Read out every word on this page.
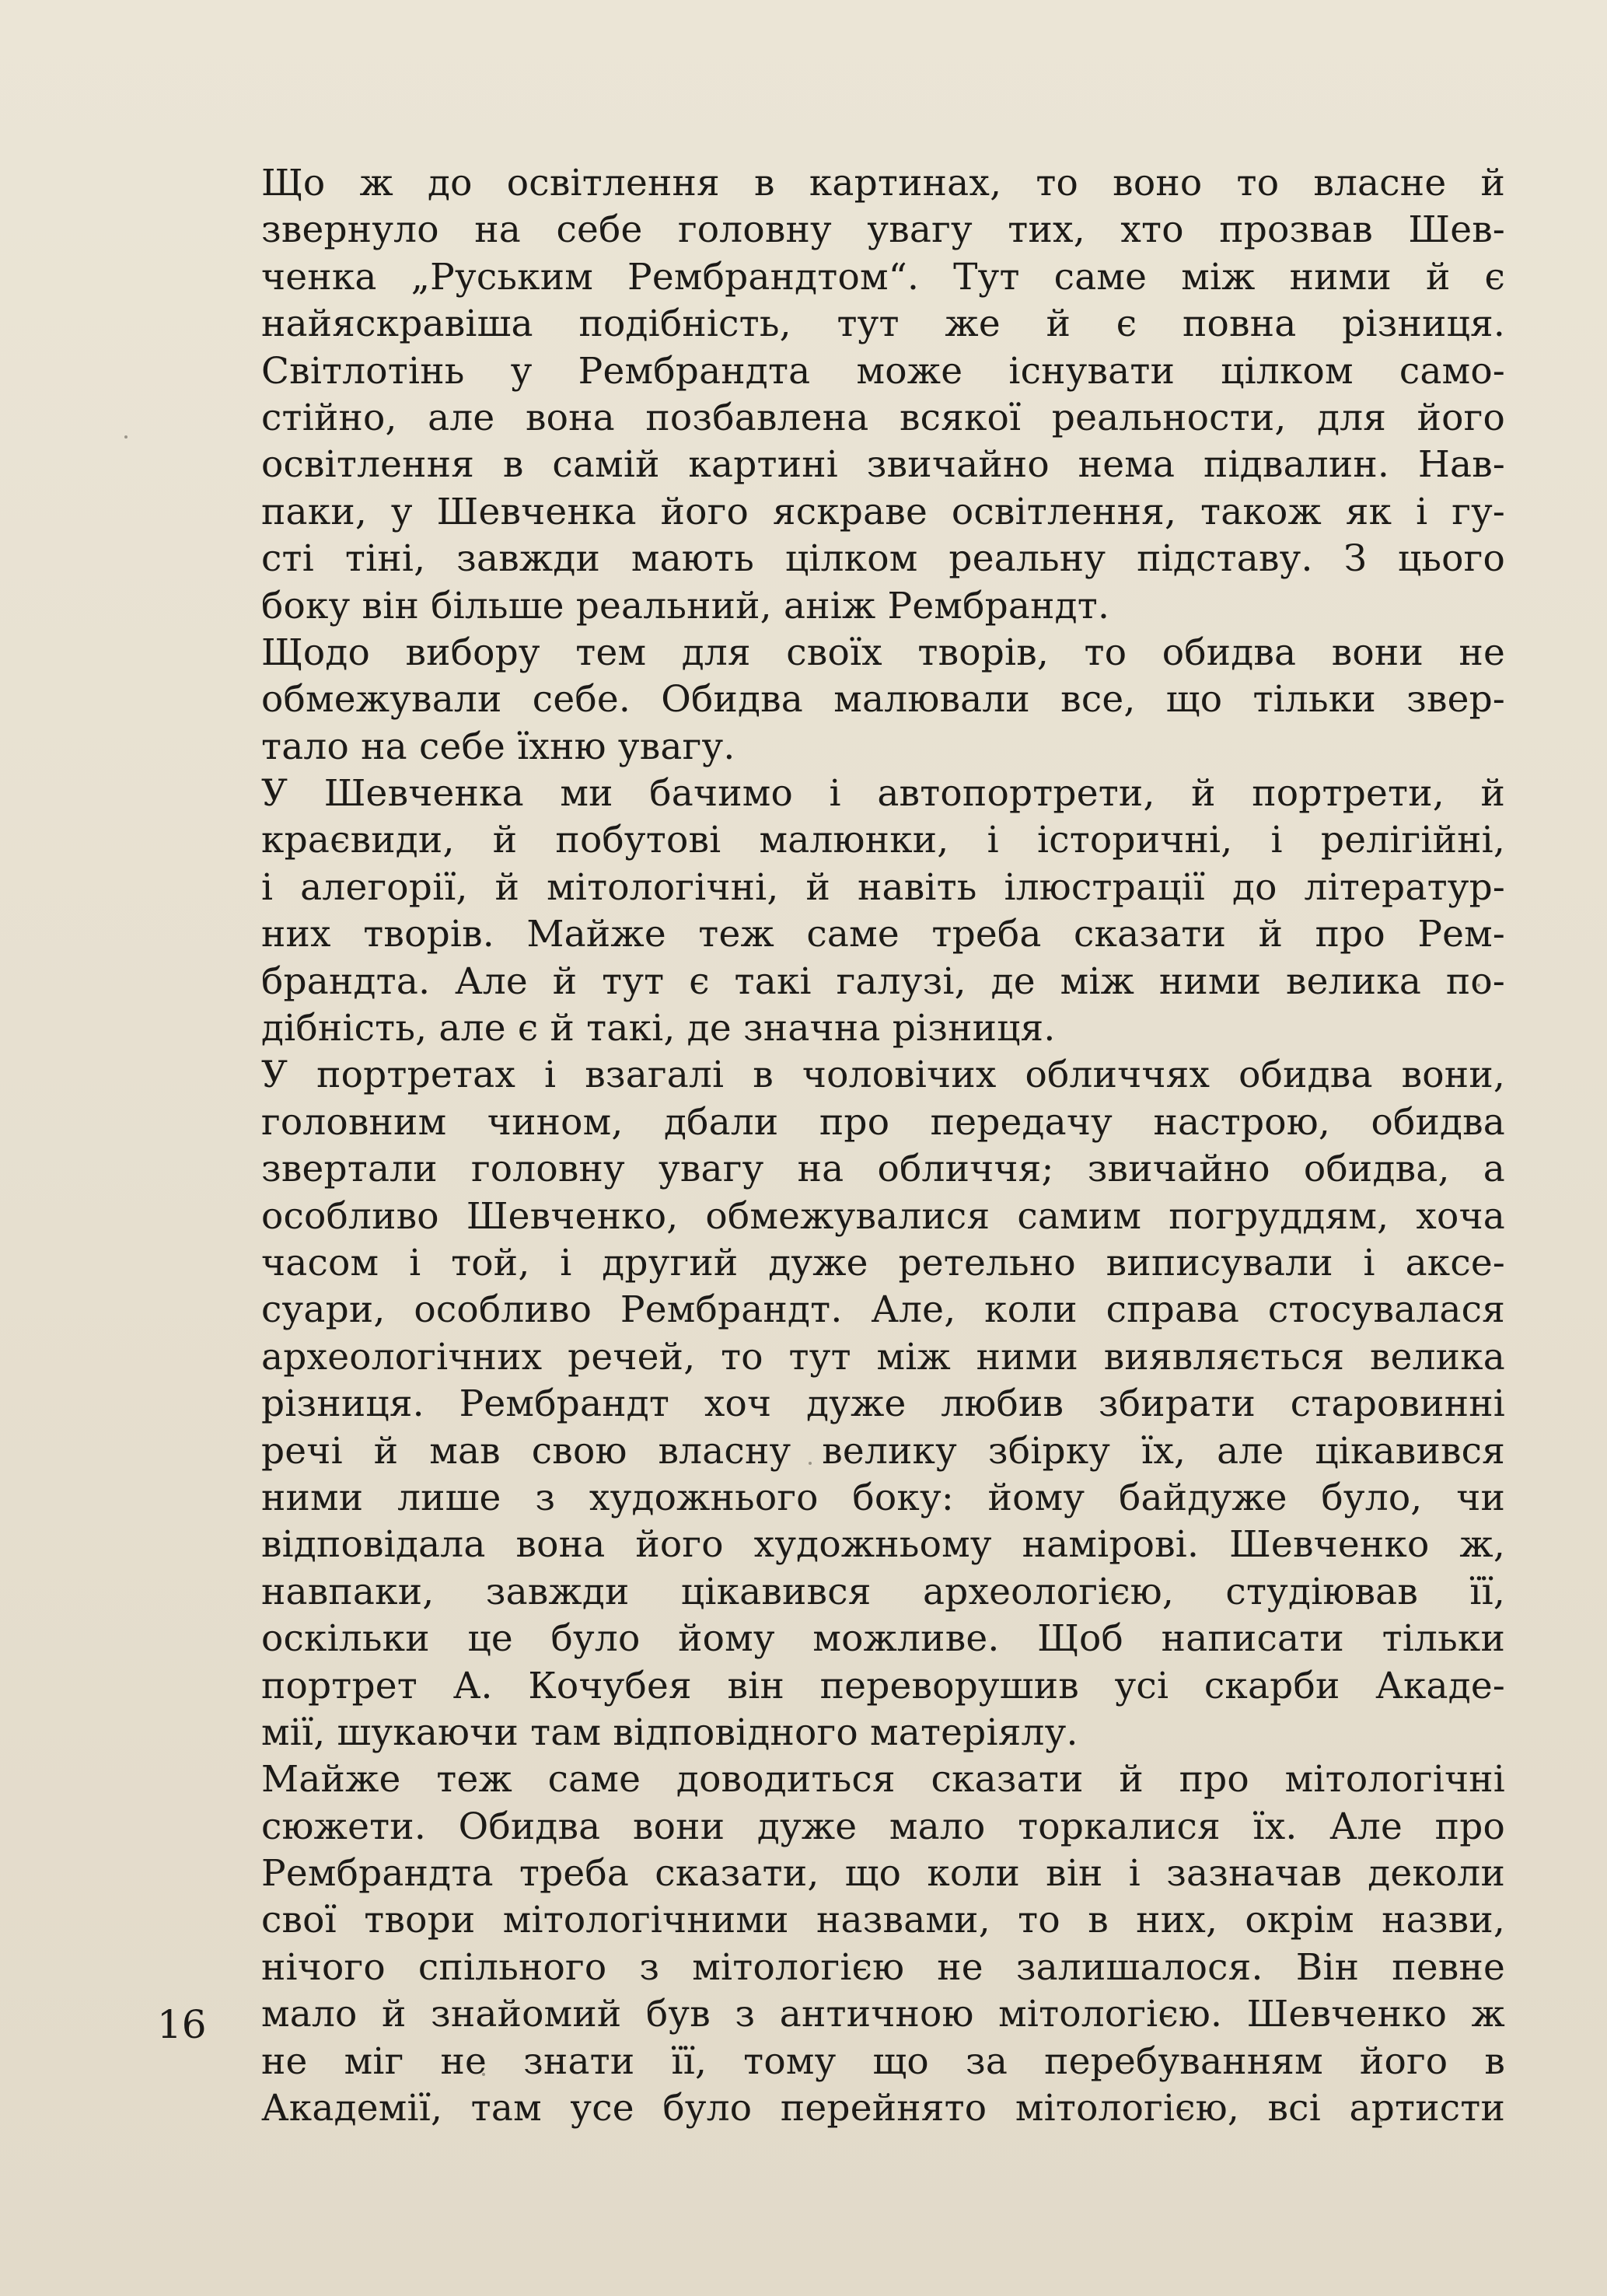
Що ж до освітлення в картинах, то воно то власне й
звернуло на себе головну увагу тих, хто прозвав Шев-
ченка „Руським Рембрандтом“. Тут саме між ними й є
найяскравіша подібність, тут же й є повна різниця.
Світлотінь у Рембрандта може існувати цілком само-
стійно, але вона позбавлена всякої реальности, для його
освітлення в самій картині звичайно нема підвалин. Нав-
паки, у Шевченка його яскраве освітлення, також як і гу-
сті тіні, завжди мають цілком реальну підставу. З цього
боку він більше реальний, аніж Рембрандт.
Щодо вибору тем для своїх творів, то обидва вони не
обмежували себе. Обидва малювали все, що тільки звер-
тало на себе їхню увагу.
У Шевченка ми бачимо і автопортрети, й портрети, й
краєвиди, й побутові малюнки, і історичні, і релігійні,
і алегорії, й мітологічні, й навіть ілюстрації до літератур-
них творів. Майже теж саме треба сказати й про Рем-
брандта. Але й тут є такі галузі, де між ними велика по-
дібність, але є й такі, де значна різниця.
У портретах і взагалі в чоловічих обличчях обидва вони,
головним чином, дбали про передачу настрою, обидва
звертали головну увагу на обличчя; звичайно обидва, а
особливо Шевченко, обмежувалися самим погруддям, хоча
часом і той, і другий дуже ретельно виписували і аксе-
суари, особливо Рембрандт. Але, коли справа стосувалася
археологічних речей, то тут між ними виявляється велика
різниця. Рембрандт хоч дуже любив збирати старовинні
речі й мав свою власну велику збірку їх, але цікавився
ними лише з художнього боку: йому байдуже було, чи
відповідала вона його художньому намірові. Шевченко ж,
навпаки, завжди цікавився археологією, студіював її,
оскільки це було йому можливе. Щоб написати тільки
портрет А. Кочубея він переворушив усі скарби Акаде-
мії, шукаючи там відповідного матеріялу.
Майже теж саме доводиться сказати й про мітологічні
сюжети. Обидва вони дуже мало торкалися їх. Але про
Рембрандта треба сказати, що коли він і зазначав деколи
свої твори мітологічними назвами, то в них, окрім назви,
нічого спільного з мітологією не залишалося. Він певне
мало й знайомий був з античною мітологією. Шевченко ж
не міг не знати її, тому що за перебуванням його в
Академії, там усе було перейнято мітологією, всі артисти
16
